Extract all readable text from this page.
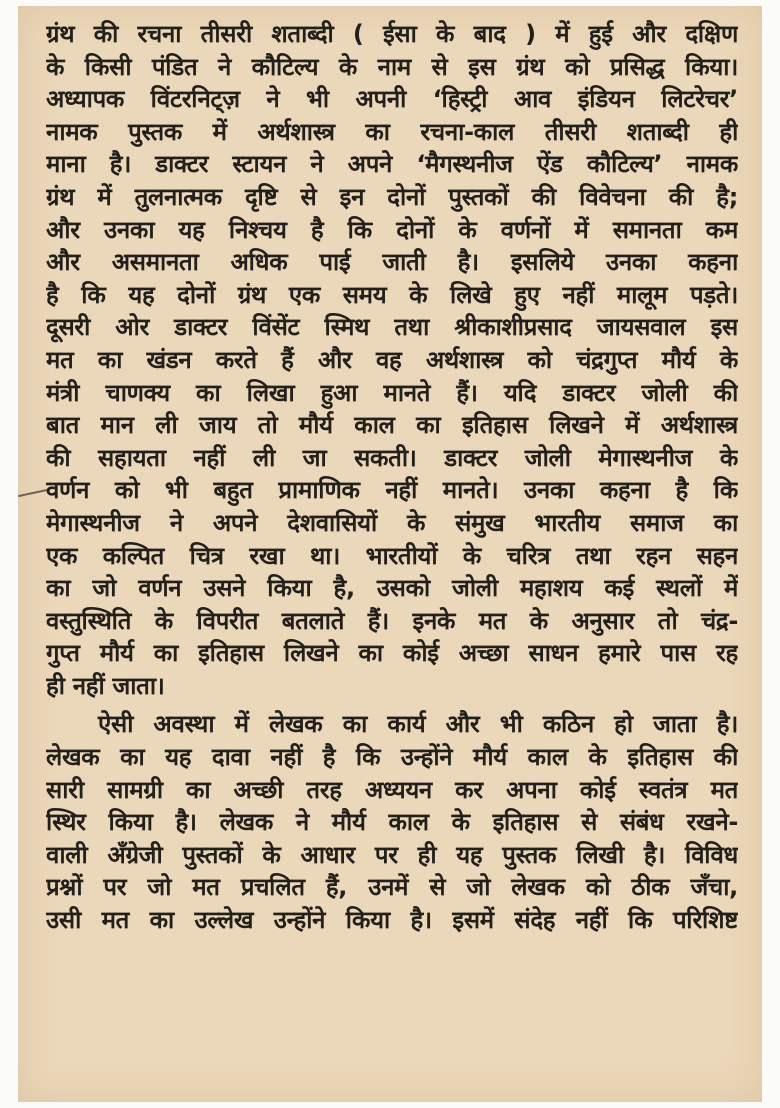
ग्रंथ की रचना तीसरी शताब्दी ( ईसा के बाद ) में हुई और दक्षिण
के किसी पंडित ने कौटिल्य के नाम से इस ग्रंथ को प्रसिद्ध किया।
अध्यापक विंटरनिट्ज़ ने भी अपनी ‘हिस्ट्री आव इंडियन लिटरेचर’
नामक पुस्तक में अर्थशास्त्र का रचना-काल तीसरी शताब्दी ही
माना है। डाक्टर स्टायन ने अपने ‘मैगस्थनीज ऐंड कौटिल्य’ नामक
ग्रंथ में तुलनात्मक दृष्टि से इन दोनों पुस्तकों की विवेचना की है;
और उनका यह निश्चय है कि दोनों के वर्णनों में समानता कम
और असमानता अधिक पाई जाती है। इसलिये उनका कहना
है कि यह दोनों ग्रंथ एक समय के लिखे हुए नहीं मालूम पड़ते।
दूसरी ओर डाक्टर विंसेंट स्मिथ तथा श्रीकाशीप्रसाद जायसवाल इस
मत का खंडन करते हैं और वह अर्थशास्त्र को चंद्रगुप्त मौर्य के
मंत्री चाणक्य का लिखा हुआ मानते हैं। यदि डाक्टर जोली की
बात मान ली जाय तो मौर्य काल का इतिहास लिखने में अर्थशास्त्र
की सहायता नहीं ली जा सकती। डाक्टर जोली मेगास्थनीज के
वर्णन को भी बहुत प्रामाणिक नहीं मानते। उनका कहना है कि
मेगास्थनीज ने अपने देशवासियों के संमुख भारतीय समाज का
एक कल्पित चित्र रखा था। भारतीयों के चरित्र तथा रहन सहन
का जो वर्णन उसने किया है, उसको जोली महाशय कई स्थलों में
वस्तुस्थिति के विपरीत बतलाते हैं। इनके मत के अनुसार तो चंद्र-
गुप्त मौर्य का इतिहास लिखने का कोई अच्छा साधन हमारे पास रह
ही नहीं जाता।
ऐसी अवस्था में लेखक का कार्य और भी कठिन हो जाता है।
लेखक का यह दावा नहीं है कि उन्होंने मौर्य काल के इतिहास की
सारी सामग्री का अच्छी तरह अध्ययन कर अपना कोई स्वतंत्र मत
स्थिर किया है। लेखक ने मौर्य काल के इतिहास से संबंध रखने-
वाली अँग्रेजी पुस्तकों के आधार पर ही यह पुस्तक लिखी है। विविध
प्रश्नों पर जो मत प्रचलित हैं, उनमें से जो लेखक को ठीक जँचा,
उसी मत का उल्लेख उन्होंने किया है। इसमें संदेह नहीं कि परिशिष्ट
